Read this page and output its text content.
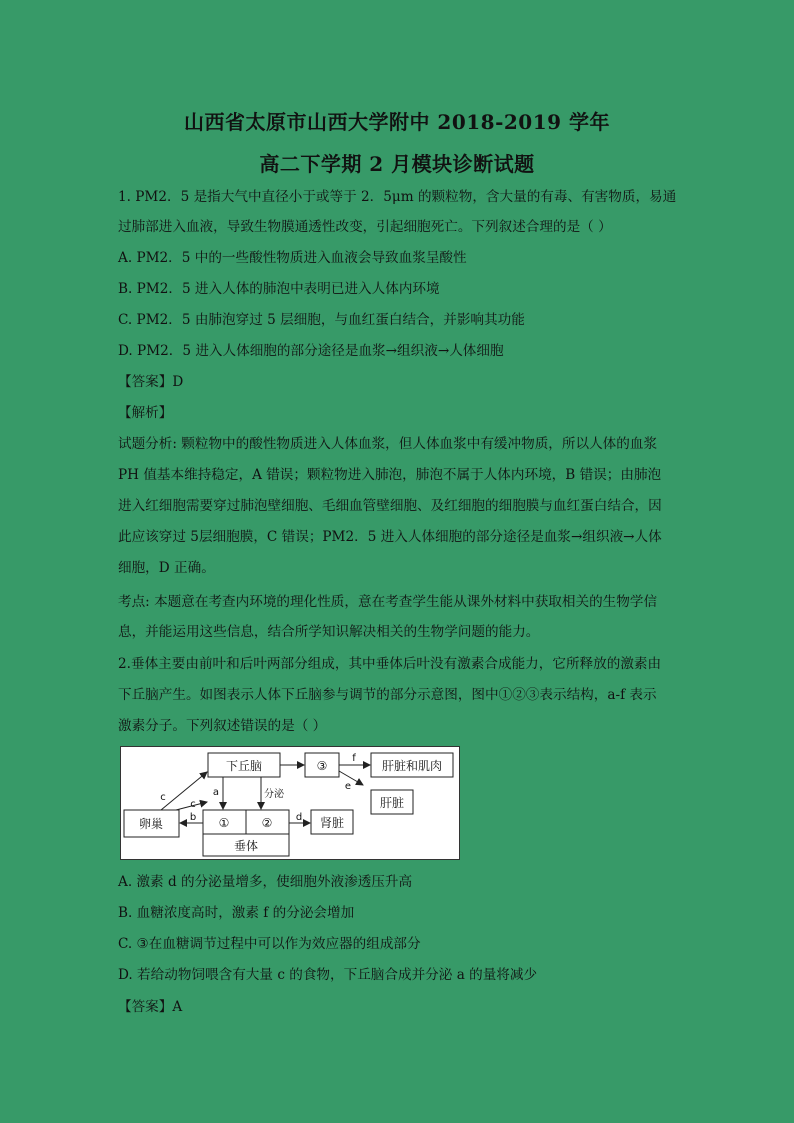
山西省太原市山西大学附中 2018-2019 学年
高二下学期 2 月模块诊断试题
1. PM2．5 是指大气中直径小于或等于 2．5μm 的颗粒物，含大量的有毒、有害物质，易通
过肺部进入血液，导致生物膜通透性改变，引起细胞死亡。下列叙述合理的是（ ）
A. PM2．5 中的一些酸性物质进入血液会导致血浆呈酸性
B. PM2．5 进入人体的肺泡中表明已进入人体内环境
C. PM2．5 由肺泡穿过 5 层细胞，与血红蛋白结合，并影响其功能
D. PM2．5 进入人体细胞的部分途径是血浆→组织液→人体细胞
【答案】D
【解析】
试题分析: 颗粒物中的酸性物质进入人体血浆，但人体血浆中有缓冲物质，所以人体的血浆
PH 值基本维持稳定，A 错误；颗粒物进入肺泡，肺泡不属于人体内环境，B 错误；由肺泡
进入红细胞需要穿过肺泡壁细胞、毛细血管壁细胞、及红细胞的细胞膜与血红蛋白结合，因
此应该穿过 5层细胞膜，C 错误；PM2．5 进入人体细胞的部分途径是血浆→组织液→人体
细胞，D 正确。
考点: 本题意在考查内环境的理化性质，意在考查学生能从课外材料中获取相关的生物学信
息，并能运用这些信息，结合所学知识解决相关的生物学问题的能力。
2.垂体主要由前叶和后叶两部分组成，其中垂体后叶没有激素合成能力，它所释放的激素由
下丘脑产生。如图表示人体下丘脑参与调节的部分示意图，图中①②③表示结构，a-f 表示
激素分子。下列叙述错误的是（ ）
下丘脑	③	肝脏和肌肉
肝脏
卵巢	①	②	肾脏
垂体
a
b
c
d
e
f
c
分泌
A. 激素 d 的分泌量增多，使细胞外液渗透压升高
B. 血糖浓度高时，激素 f 的分泌会增加
C. ③在血糖调节过程中可以作为效应器的组成部分
D. 若给动物饲喂含有大量 c 的食物，下丘脑合成并分泌 a 的量将减少
【答案】A
